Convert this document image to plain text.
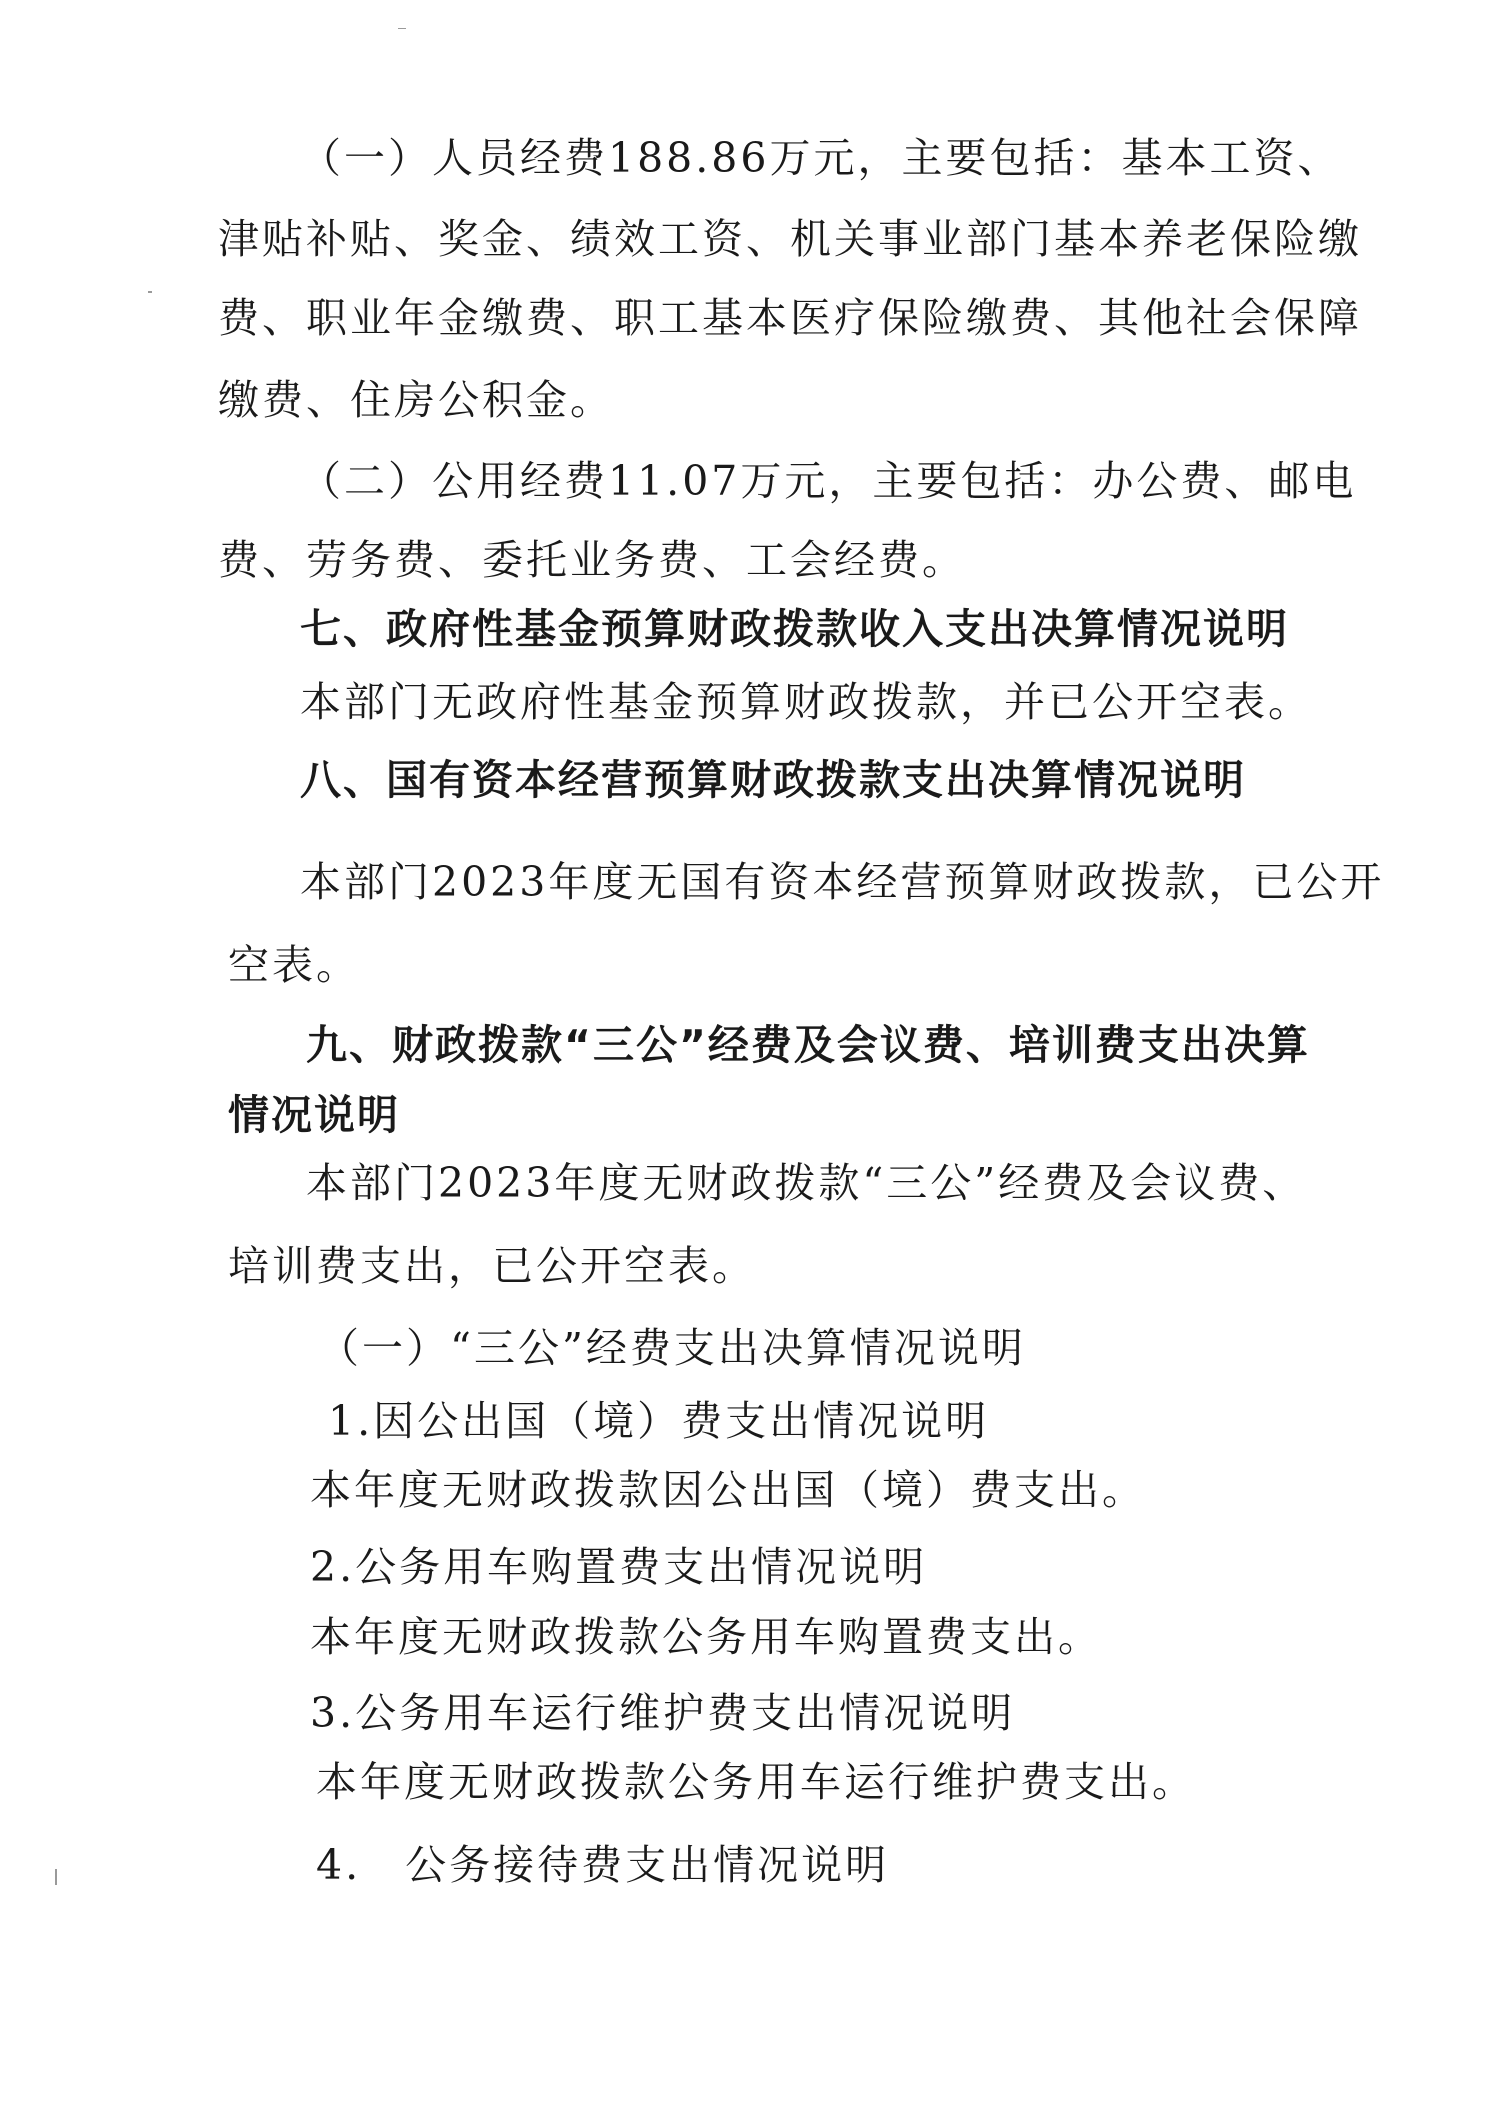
（一）人员经费188.86万元，主要包括：基本工资、
津贴补贴、奖金、绩效工资、机关事业部门基本养老保险缴
费、职业年金缴费、职工基本医疗保险缴费、其他社会保障
缴费、住房公积金。
（二）公用经费11.07万元，主要包括：办公费、邮电
费、劳务费、委托业务费、工会经费。
七、政府性基金预算财政拨款收入支出决算情况说明
本部门无政府性基金预算财政拨款，并已公开空表。
八、国有资本经营预算财政拨款支出决算情况说明
本部门2023年度无国有资本经营预算财政拨款，已公开
空表。
九、财政拨款“三公”经费及会议费、培训费支出决算
情况说明
本部门2023年度无财政拨款“三公”经费及会议费、
培训费支出，已公开空表。
（一）“三公”经费支出决算情况说明
1.因公出国（境）费支出情况说明
本年度无财政拨款因公出国（境）费支出。
2.公务用车购置费支出情况说明
本年度无财政拨款公务用车购置费支出。
3.公务用车运行维护费支出情况说明
本年度无财政拨款公务用车运行维护费支出。
4.　公务接待费支出情况说明
